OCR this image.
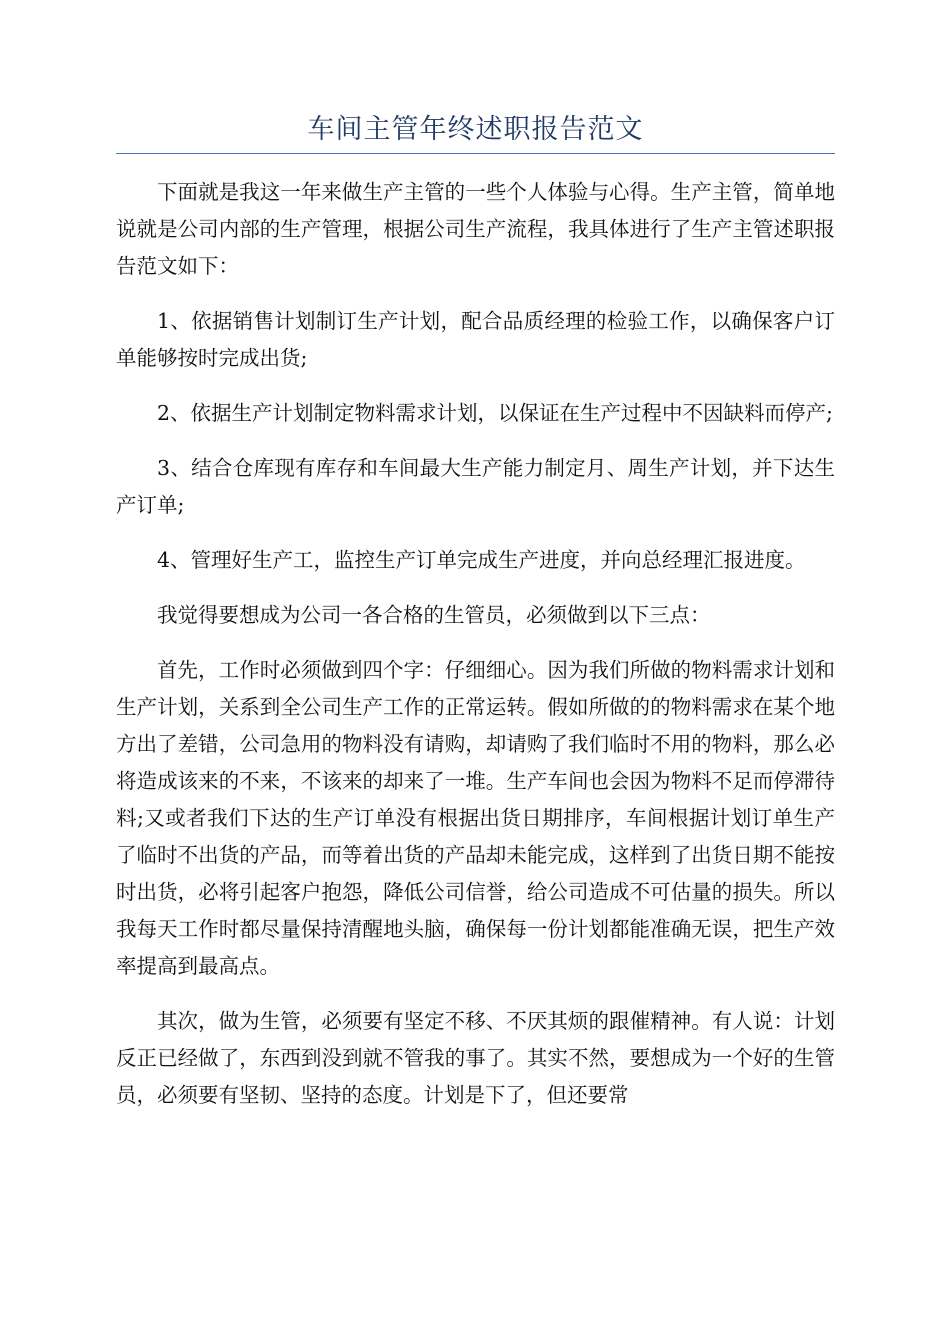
车间主管年终述职报告范文

下面就是我这一年来做生产主管的一些个人体验与心得。生产主管，简单地说就是公司内部的生产管理，根据公司生产流程，我具体进行了生产主管述职报告范文如下：

1、依据销售计划制订生产计划，配合品质经理的检验工作，以确保客户订单能够按时完成出货;

2、依据生产计划制定物料需求计划，以保证在生产过程中不因缺料而停产;

3、结合仓库现有库存和车间最大生产能力制定月、周生产计划，并下达生产订单;

4、管理好生产工，监控生产订单完成生产进度，并向总经理汇报进度。

我觉得要想成为公司一各合格的生管员，必须做到以下三点：

首先，工作时必须做到四个字：仔细细心。因为我们所做的物料需求计划和生产计划，关系到全公司生产工作的正常运转。假如所做的的物料需求在某个地方出了差错，公司急用的物料没有请购，却请购了我们临时不用的物料，那么必将造成该来的不来，不该来的却来了一堆。生产车间也会因为物料不足而停滞待料;又或者我们下达的生产订单没有根据出货日期排序，车间根据计划订单生产了临时不出货的产品，而等着出货的产品却未能完成，这样到了出货日期不能按时出货，必将引起客户抱怨，降低公司信誉，给公司造成不可估量的损失。所以我每天工作时都尽量保持清醒地头脑，确保每一份计划都能准确无误，把生产效率提高到最高点。

其次，做为生管，必须要有坚定不移、不厌其烦的跟催精神。有人说：计划反正已经做了，东西到没到就不管我的事了。其实不然，要想成为一个好的生管员，必须要有坚韧、坚持的态度。计划是下了，但还要常
